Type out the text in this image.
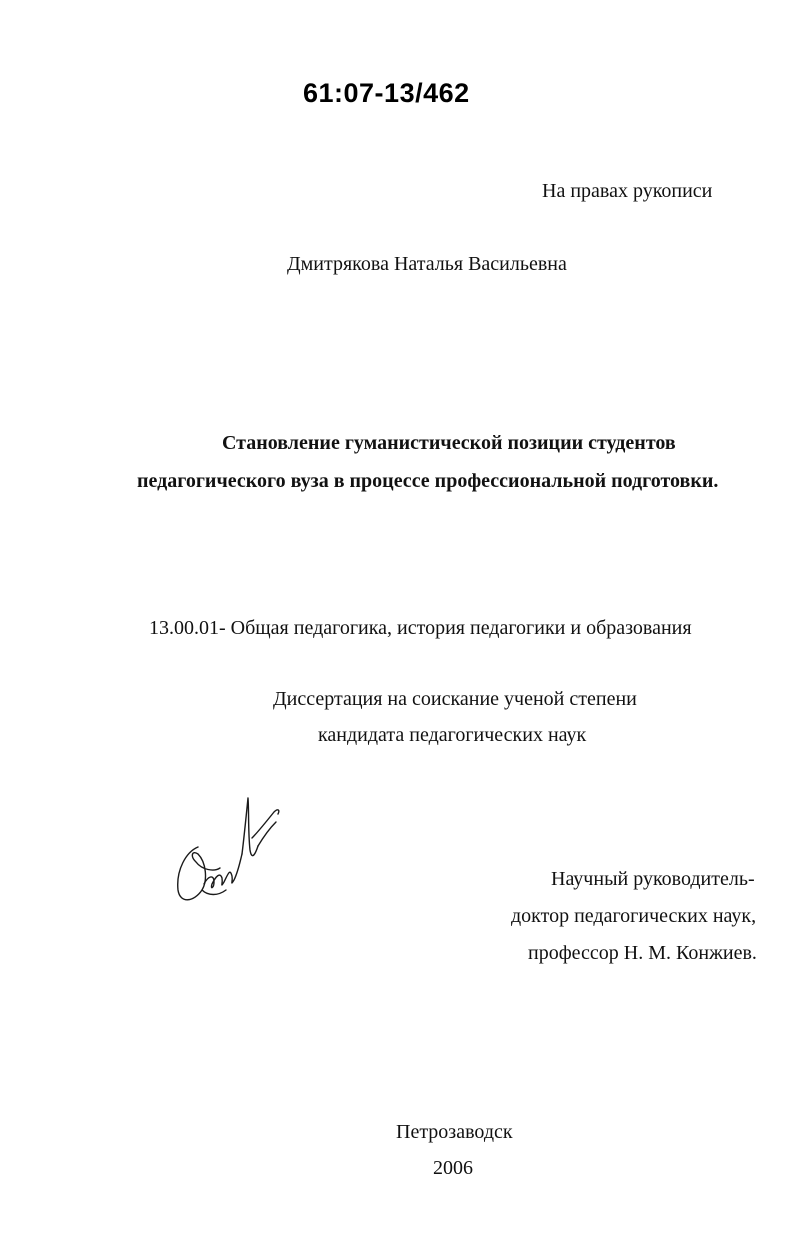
61:07-13/462
На правах рукописи
Дмитрякова Наталья Васильевна
Становление гуманистической позиции студентов
педагогического вуза в процессе профессиональной подготовки.
13.00.01- Общая педагогика, история педагогики и образования
Диссертация на соискание ученой степени
кандидата педагогических наук
Научный руководитель-
доктор педагогических наук,
профессор Н. М. Конжиев.
Петрозаводск
2006
